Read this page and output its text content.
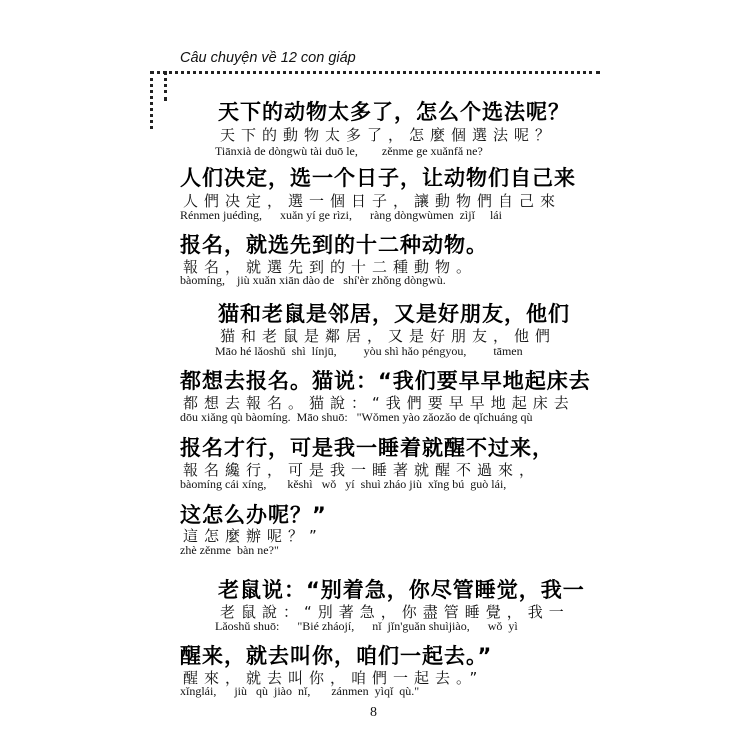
Câu chuyện về 12 con giáp
天下的动物太多了，怎么个选法呢？
天下的動物太多了，怎麼個選法呢？
Tiānxià de dòngwù tài duō le,        zěnme ge xuǎnfǎ ne?
人们决定，选一个日子，让动物们自己来
人們决定，選一個日子，讓動物們自己來
Rénmen juédìng,      xuǎn yí ge rìzi,      ràng dòngwùmen  zìjǐ     lái
报名，就选先到的十二种动物。
報名，就選先到的十二種動物。
bàomíng,    jiù xuǎn xiān dào de   shí'èr zhǒng dòngwù.
猫和老鼠是邻居，又是好朋友，他们
猫和老鼠是鄰居，又是好朋友，他們
Māo hé lǎoshǔ  shì  línjū,         yòu shì hǎo péngyou,         tāmen
都想去报名。猫说：“我们要早早地起床去
都想去報名。猫說：“我們要早早地起床去
dōu xiǎng qù bàomíng.  Māo shuō:   "Wǒmen yào zǎozǎo de qǐchuáng qù
报名才行，可是我一睡着就醒不过来，
報名纔行，可是我一睡著就醒不過來，
bàomíng cái xíng,       kěshì   wǒ   yí  shuì zháo jiù  xǐng bú  guò lái,
这怎么办呢？”
這怎麼辦呢？”
zhè zěnme  bàn ne?"
老鼠说：“别着急，你尽管睡觉，我一
老鼠說：“別著急，你盡管睡覺，我一
Lǎoshǔ shuō:      "Bié zháojí,      nǐ  jǐn'guǎn shuìjiào,      wǒ  yì
醒来，就去叫你，咱们一起去。”
醒來，就去叫你，咱們一起去。”
xǐnglái,      jiù   qù  jiào  nǐ,       zánmen  yìqǐ  qù."
8
